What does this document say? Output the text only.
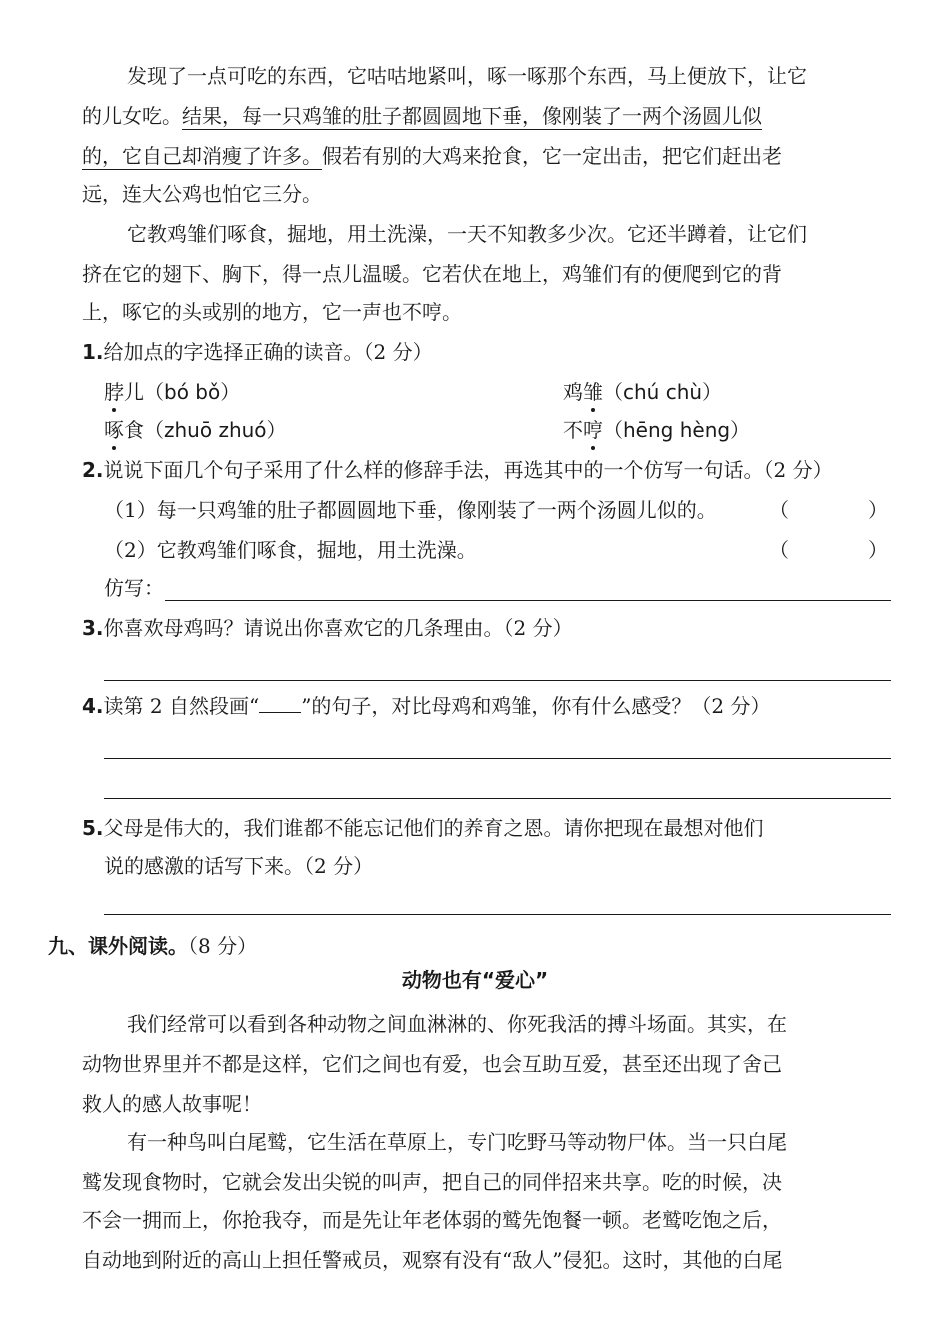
发现了一点可吃的东西，它咕咕地紧叫，啄一啄那个东西，马上便放下，让它

的儿女吃。结果，每一只鸡雏的肚子都圆圆地下垂，像刚装了一两个汤圆儿似

的，它自己却消瘦了许多。假若有别的大鸡来抢食，它一定出击，把它们赶出老

远，连大公鸡也怕它三分。

它教鸡雏们啄食，掘地，用土洗澡，一天不知教多少次。它还半蹲着，让它们

挤在它的翅下、胸下，得一点儿温暖。它若伏在地上，鸡雏们有的便爬到它的背

上，啄它的头或别的地方，它一声也不哼。

1.给加点的字选择正确的读音。（2 分）
脖儿（bó bǒ）	鸡雏（chú chù）
啄食（zhuō zhuó）	不哼（hēng hèng）
2.说说下面几个句子采用了什么样的修辞手法，再选其中的一个仿写一句话。（2 分）
（1）每一只鸡雏的肚子都圆圆地下垂，像刚装了一两个汤圆儿似的。	（	）
（2）它教鸡雏们啄食，掘地，用土洗澡。	（	）
仿写：
3.你喜欢母鸡吗？请说出你喜欢它的几条理由。（2 分）
4.读第 2 自然段画“ ”的句子，对比母鸡和鸡雏，你有什么感受？（2 分）
5.父母是伟大的，我们谁都不能忘记他们的养育之恩。请你把现在最想对他们
说的感激的话写下来。（2 分）
九、课外阅读。（8 分）
动物也有“爱心”

我们经常可以看到各种动物之间血淋淋的、你死我活的搏斗场面。其实，在

动物世界里并不都是这样，它们之间也有爱，也会互助互爱，甚至还出现了舍己

救人的感人故事呢！

有一种鸟叫白尾鹫，它生活在草原上，专门吃野马等动物尸体。当一只白尾

鹫发现食物时，它就会发出尖锐的叫声，把自己的同伴招来共享。吃的时候，决

不会一拥而上，你抢我夺，而是先让年老体弱的鹫先饱餐一顿。老鹫吃饱之后，

自动地到附近的高山上担任警戒员，观察有没有“敌人”侵犯。这时，其他的白尾
